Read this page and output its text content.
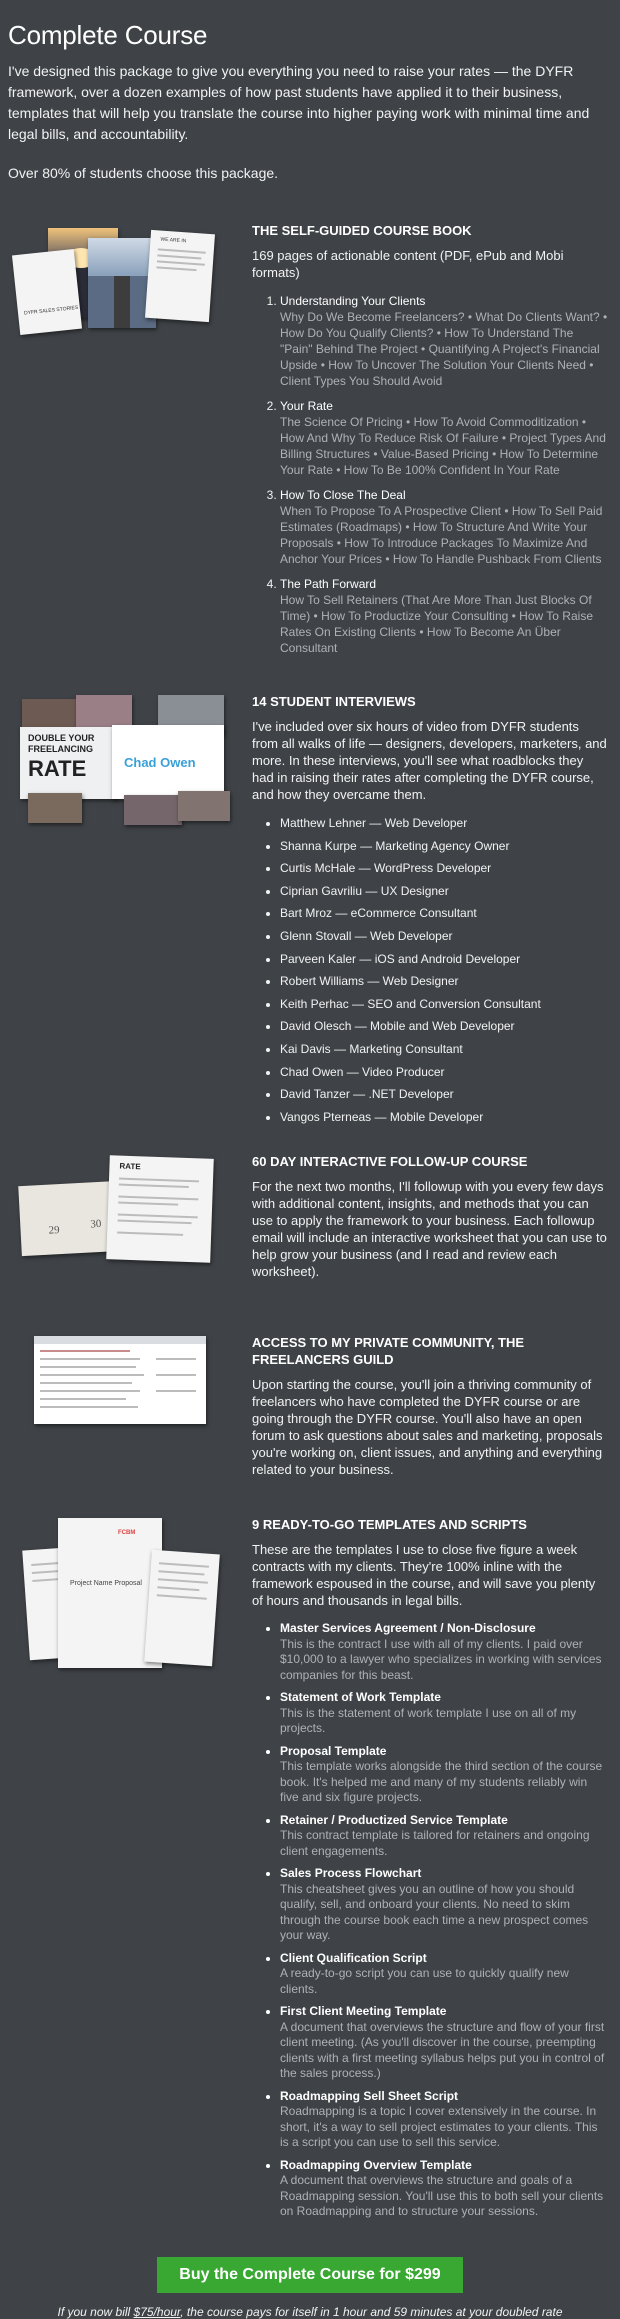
Complete Course

I've designed this package to give you everything you need to raise your rates — the DYFR framework, over a dozen examples of how past students have applied it to their business, templates that will help you translate the course into higher paying work with minimal time and legal bills, and accountability.

Over 80% of students choose this package.

DYFR SALES STORIES
WE ARE IN
THE SELF-GUIDED COURSE BOOK
169 pages of actionable content (PDF, ePub and Mobi formats)
1. Understanding Your Clients
Why Do We Become Freelancers? • What Do Clients Want? • How Do You Qualify Clients? • How To Understand The "Pain" Behind The Project • Quantifying A Project's Financial Upside • How To Uncover The Solution Your Clients Need • Client Types You Should Avoid
2. Your Rate
The Science Of Pricing • How To Avoid Commoditization • How And Why To Reduce Risk Of Failure • Project Types And Billing Structures • Value-Based Pricing • How To Determine Your Rate • How To Be 100% Confident In Your Rate
3. How To Close The Deal
When To Propose To A Prospective Client • How To Sell Paid Estimates (Roadmaps) • How To Structure And Write Your Proposals • How To Introduce Packages To Maximize And Anchor Your Prices • How To Handle Pushback From Clients
4. The Path Forward
How To Sell Retainers (That Are More Than Just Blocks Of Time) • How To Productize Your Consulting • How To Raise Rates On Existing Clients • How To Become An Über Consultant
DOUBLE YOUR
FREELANCING
RATE	Chad Owen
14 STUDENT INTERVIEWS
I've included over six hours of video from DYFR students from all walks of life — designers, developers, marketers, and more. In these interviews, you'll see what roadblocks they had in raising their rates after completing the DYFR course, and how they overcame them.
• Matthew Lehner — Web Developer
• Shanna Kurpe — Marketing Agency Owner
• Curtis McHale — WordPress Developer
• Ciprian Gavriliu — UX Designer
• Bart Mroz — eCommerce Consultant
• Glenn Stovall — Web Developer
• Parveen Kaler — iOS and Android Developer
• Robert Williams — Web Designer
• Keith Perhac — SEO and Conversion Consultant
• David Olesch — Mobile and Web Developer
• Kai Davis — Marketing Consultant
• Chad Owen — Video Producer
• David Tanzer — .NET Developer
• Vangos Pterneas — Mobile Developer
29	30
RATE	60 DAY INTERACTIVE FOLLOW-UP COURSE
For the next two months, I'll followup with you every few days with additional content, insights, and methods that you can use to apply the framework to your business. Each followup email will include an interactive worksheet that you can use to help grow your business (and I read and review each worksheet).
ACCESS TO MY PRIVATE COMMUNITY, THE FREELANCERS GUILD
Upon starting the course, you'll join a thriving community of freelancers who have completed the DYFR course or are going through the DYFR course. You'll also have an open forum to ask questions about sales and marketing, proposals you're working on, client issues, and anything and everything related to your business.
FCBM
Project Name Proposal
9 READY-TO-GO TEMPLATES AND SCRIPTS
These are the templates I use to close five figure a week contracts with my clients. They're 100% inline with the framework espoused in the course, and will save you plenty of hours and thousands in legal bills.
• Master Services Agreement / Non-Disclosure
This is the contract I use with all of my clients. I paid over $10,000 to a lawyer who specializes in working with services companies for this beast.
• Statement of Work Template
This is the statement of work template I use on all of my projects.
• Proposal Template
This template works alongside the third section of the course book. It's helped me and many of my students reliably win five and six figure projects.
• Retainer / Productized Service Template
This contract template is tailored for retainers and ongoing client engagements.
• Sales Process Flowchart
This cheatsheet gives you an outline of how you should qualify, sell, and onboard your clients. No need to skim through the course book each time a new prospect comes your way.
• Client Qualification Script
A ready-to-go script you can use to quickly qualify new clients.
• First Client Meeting Template
A document that overviews the structure and flow of your first client meeting. (As you'll discover in the course, preempting clients with a first meeting syllabus helps put you in control of the sales process.)
• Roadmapping Sell Sheet Script
Roadmapping is a topic I cover extensively in the course. In short, it's a way to sell project estimates to your clients. This is a script you can use to sell this service.
• Roadmapping Overview Template
A document that overviews the structure and goals of a Roadmapping session. You'll use this to both sell your clients on Roadmapping and to structure your sessions.
Buy the Complete Course for $299

If you now bill $75/hour, the course pays for itself in 1 hour and 59 minutes at your doubled rate
